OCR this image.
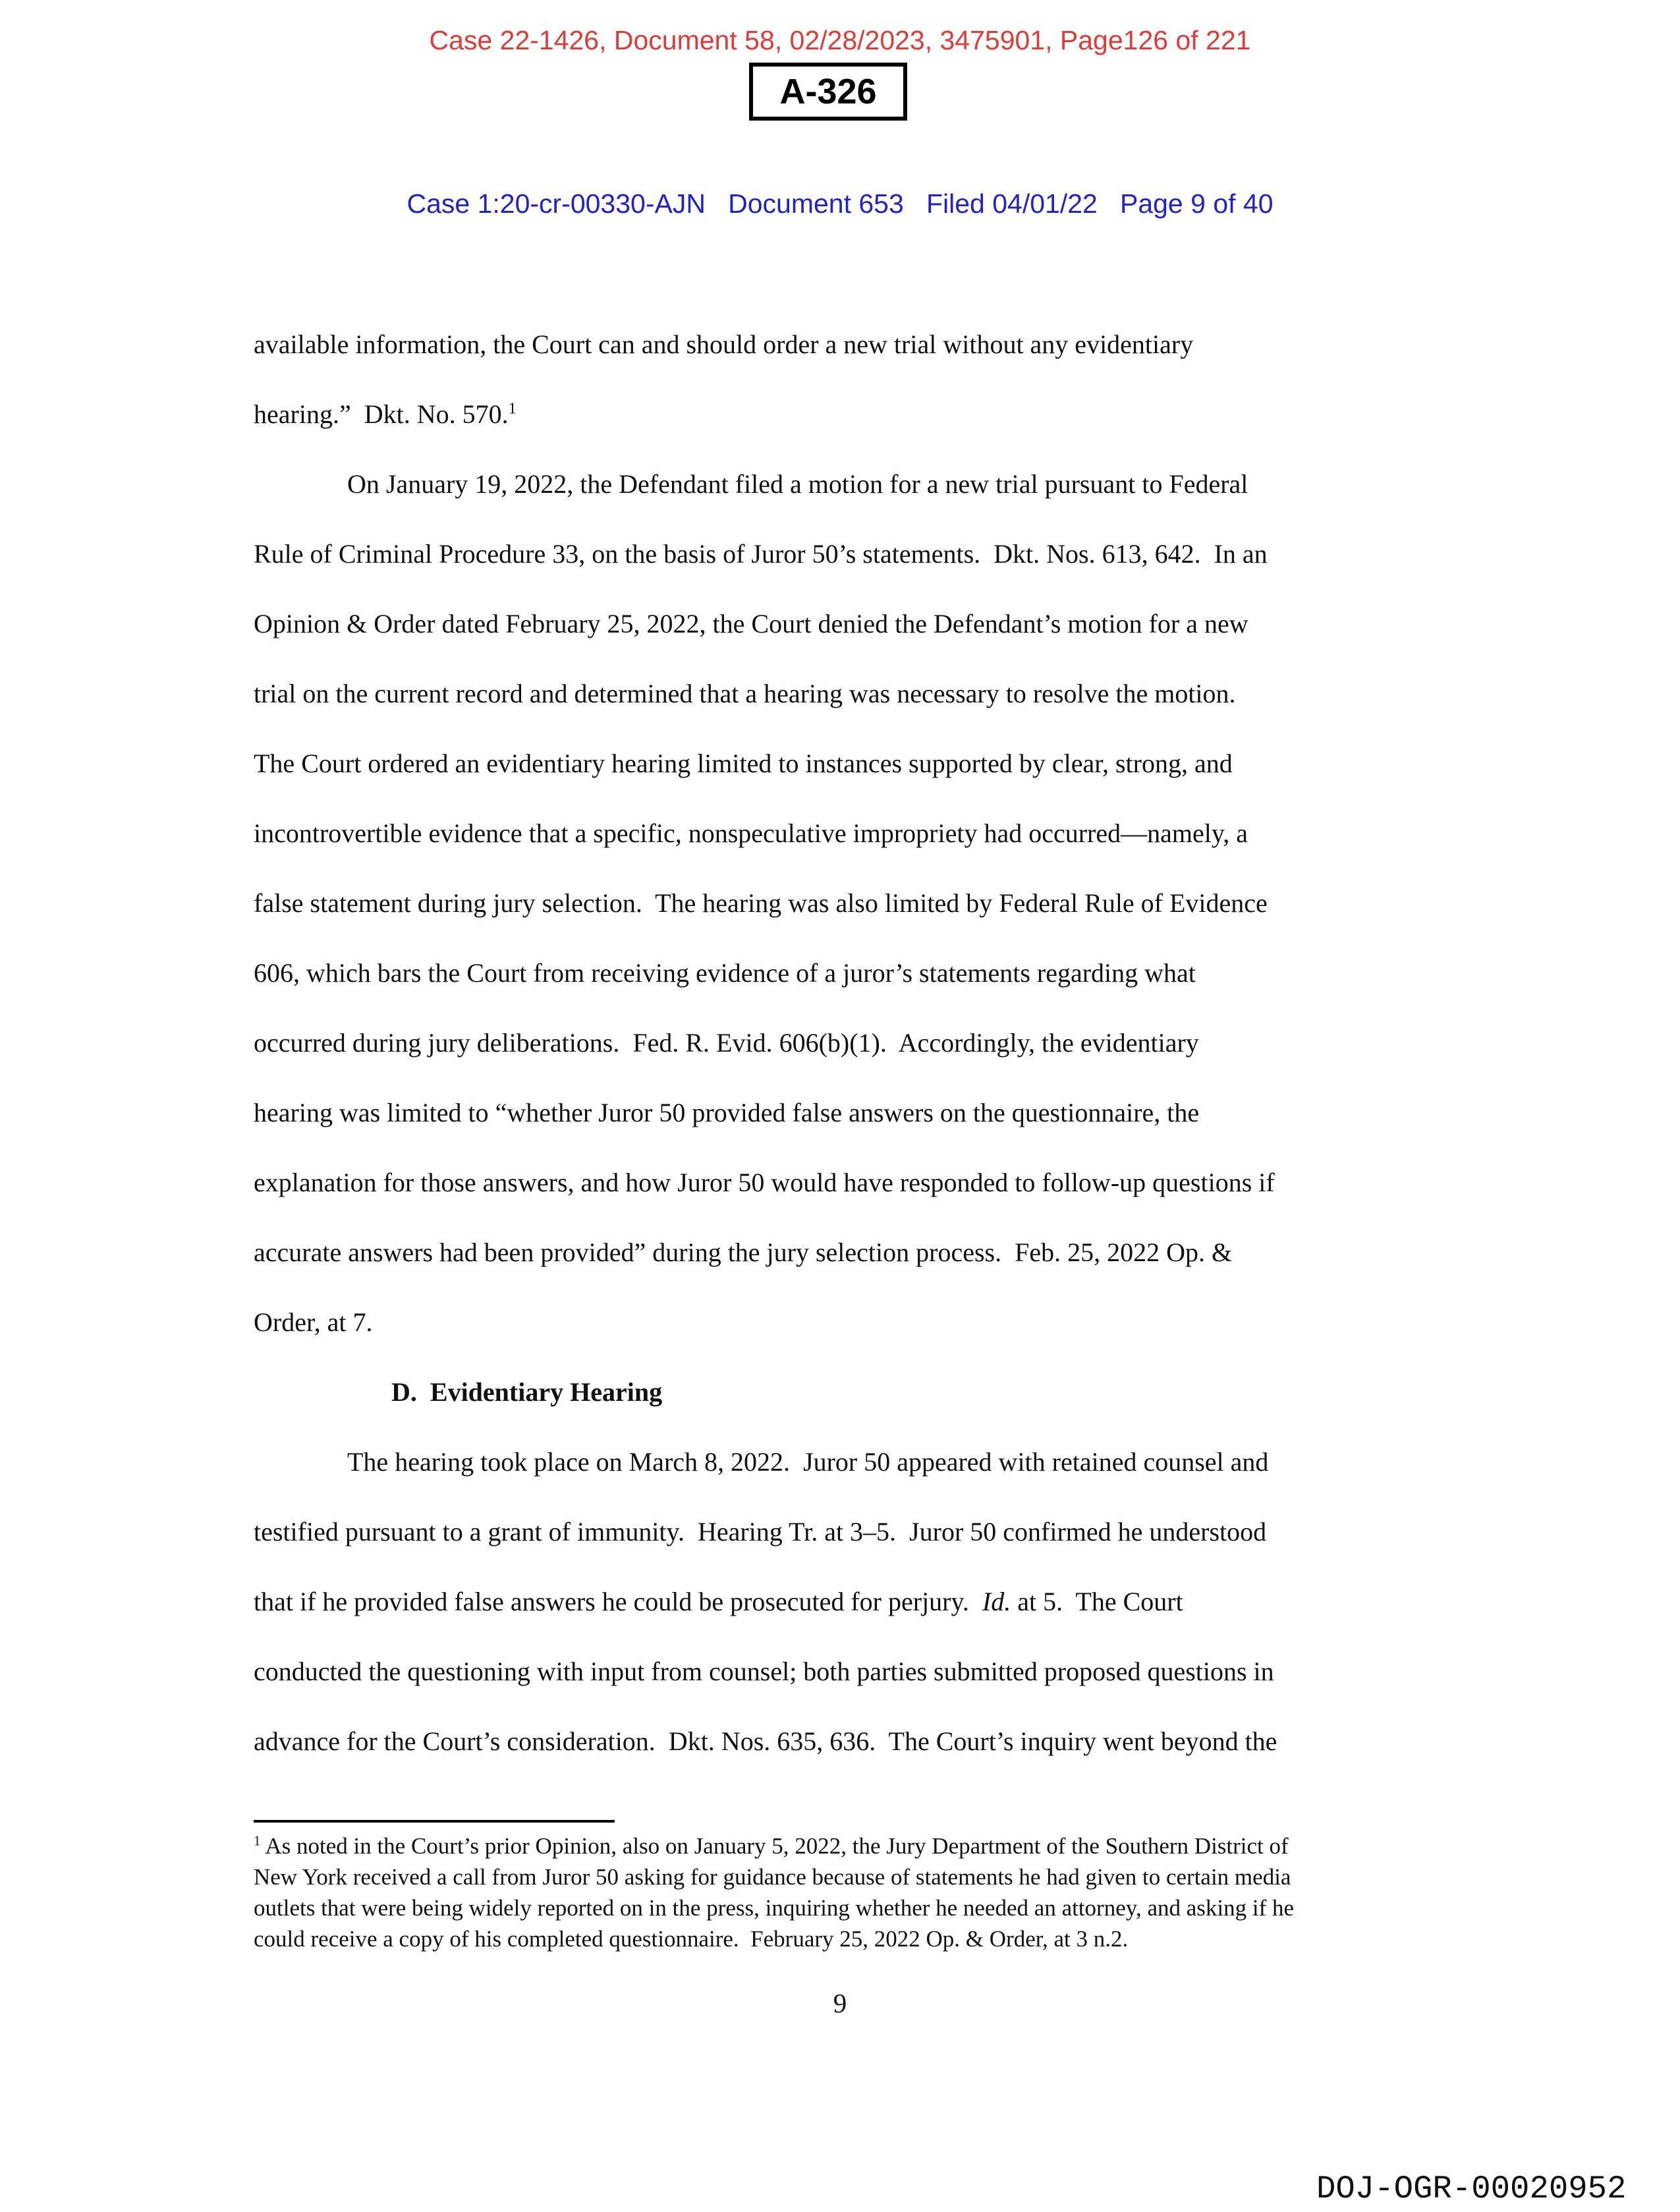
Case 22-1426, Document 58, 02/28/2023, 3475901, Page126 of 221
A-326
Case 1:20-cr-00330-AJN   Document 653   Filed 04/01/22   Page 9 of 40
available information, the Court can and should order a new trial without any evidentiary
hearing.”  Dkt. No. 570.$^1$
On January 19, 2022, the Defendant filed a motion for a new trial pursuant to Federal
Rule of Criminal Procedure 33, on the basis of Juror 50’s statements.  Dkt. Nos. 613, 642.  In an
Opinion & Order dated February 25, 2022, the Court denied the Defendant’s motion for a new
trial on the current record and determined that a hearing was necessary to resolve the motion.
The Court ordered an evidentiary hearing limited to instances supported by clear, strong, and
incontrovertible evidence that a specific, nonspeculative impropriety had occurred—namely, a
false statement during jury selection.  The hearing was also limited by Federal Rule of Evidence
606, which bars the Court from receiving evidence of a juror’s statements regarding what
occurred during jury deliberations.  Fed. R. Evid. 606(b)(1).  Accordingly, the evidentiary
hearing was limited to “whether Juror 50 provided false answers on the questionnaire, the
explanation for those answers, and how Juror 50 would have responded to follow-up questions if
accurate answers had been provided” during the jury selection process.  Feb. 25, 2022 Op. &
Order, at 7.
D.  Evidentiary Hearing
The hearing took place on March 8, 2022.  Juror 50 appeared with retained counsel and
testified pursuant to a grant of immunity.  Hearing Tr. at 3–5.  Juror 50 confirmed he understood
that if he provided false answers he could be prosecuted for perjury.  Id. at 5.  The Court
conducted the questioning with input from counsel; both parties submitted proposed questions in
advance for the Court’s consideration.  Dkt. Nos. 635, 636.  The Court’s inquiry went beyond the
$^1$ As noted in the Court’s prior Opinion, also on January 5, 2022, the Jury Department of the Southern District of
New York received a call from Juror 50 asking for guidance because of statements he had given to certain media
outlets that were being widely reported on in the press, inquiring whether he needed an attorney, and asking if he
could receive a copy of his completed questionnaire.  February 25, 2022 Op. & Order, at 3 n.2.
9
DOJ-OGR-00020952
